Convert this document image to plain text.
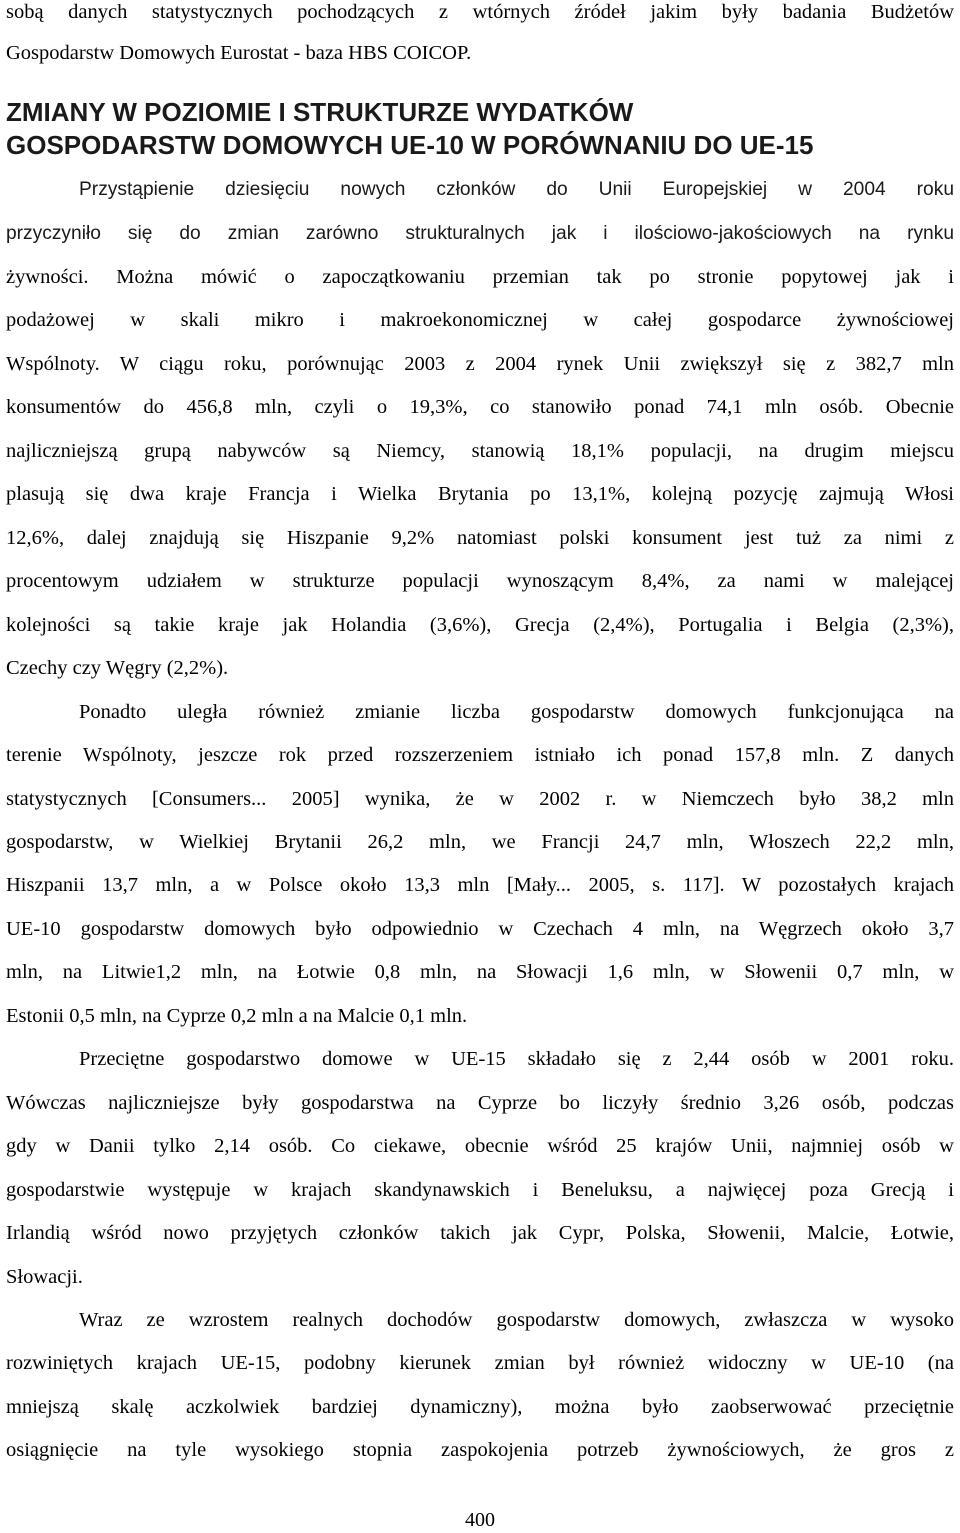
sobą danych statystycznych pochodzących z wtórnych źródeł jakim były badania Budżetów

Gospodarstw Domowych Eurostat - baza HBS COICOP.

ZMIANY W POZIOMIE I STRUKTURZE WYDATKÓW
GOSPODARSTW DOMOWYCH UE-10 W PORÓWNANIU DO UE-15

Przystąpienie dziesięciu nowych członków do Unii Europejskiej w 2004 roku

przyczyniło się do zmian zarówno strukturalnych jak i ilościowo-jakościowych na rynku

żywności. Można mówić o zapoczątkowaniu przemian tak po stronie popytowej jak i

podażowej w skali mikro i makroekonomicznej w całej gospodarce żywnościowej

Wspólnoty. W ciągu roku, porównując 2003 z 2004 rynek Unii zwiększył się z 382,7 mln

konsumentów do 456,8 mln, czyli o 19,3%, co stanowiło ponad 74,1 mln osób. Obecnie

najliczniejszą grupą nabywców są Niemcy, stanowią 18,1% populacji, na drugim miejscu

plasują się dwa kraje Francja i Wielka Brytania po 13,1%, kolejną pozycję zajmują Włosi

12,6%, dalej znajdują się Hiszpanie 9,2% natomiast polski konsument jest tuż za nimi z

procentowym udziałem w strukturze populacji wynoszącym 8,4%, za nami w malejącej

kolejności są takie kraje jak Holandia (3,6%), Grecja (2,4%), Portugalia i Belgia (2,3%),

Czechy czy Węgry (2,2%).

Ponadto uległa również zmianie liczba gospodarstw domowych funkcjonująca na

terenie Wspólnoty, jeszcze rok przed rozszerzeniem istniało ich ponad 157,8 mln. Z danych

statystycznych [Consumers... 2005] wynika, że w 2002 r. w Niemczech było 38,2 mln

gospodarstw, w Wielkiej Brytanii 26,2 mln, we Francji 24,7 mln, Włoszech 22,2 mln,

Hiszpanii 13,7 mln, a w Polsce około 13,3 mln [Mały... 2005, s. 117]. W pozostałych krajach

UE-10 gospodarstw domowych było odpowiednio w Czechach 4 mln, na Węgrzech około 3,7

mln, na Litwie1,2 mln, na Łotwie 0,8 mln, na Słowacji 1,6 mln, w Słowenii 0,7 mln, w

Estonii 0,5 mln, na Cyprze 0,2 mln a na Malcie 0,1 mln.

Przeciętne gospodarstwo domowe w UE-15 składało się z 2,44 osób w 2001 roku.

Wówczas najliczniejsze były gospodarstwa na Cyprze bo liczyły średnio 3,26 osób, podczas

gdy w Danii tylko 2,14 osób. Co ciekawe, obecnie wśród 25 krajów Unii, najmniej osób w

gospodarstwie występuje w krajach skandynawskich i Beneluksu, a najwięcej poza Grecją i

Irlandią wśród nowo przyjętych członków takich jak Cypr, Polska, Słowenii, Malcie, Łotwie,

Słowacji.

Wraz ze wzrostem realnych dochodów gospodarstw domowych, zwłaszcza w wysoko

rozwiniętych krajach UE-15, podobny kierunek zmian był również widoczny w UE-10 (na

mniejszą skalę aczkolwiek bardziej dynamiczny), można było zaobserwować przeciętnie

osiągnięcie na tyle wysokiego stopnia zaspokojenia potrzeb żywnościowych, że gros z

400
